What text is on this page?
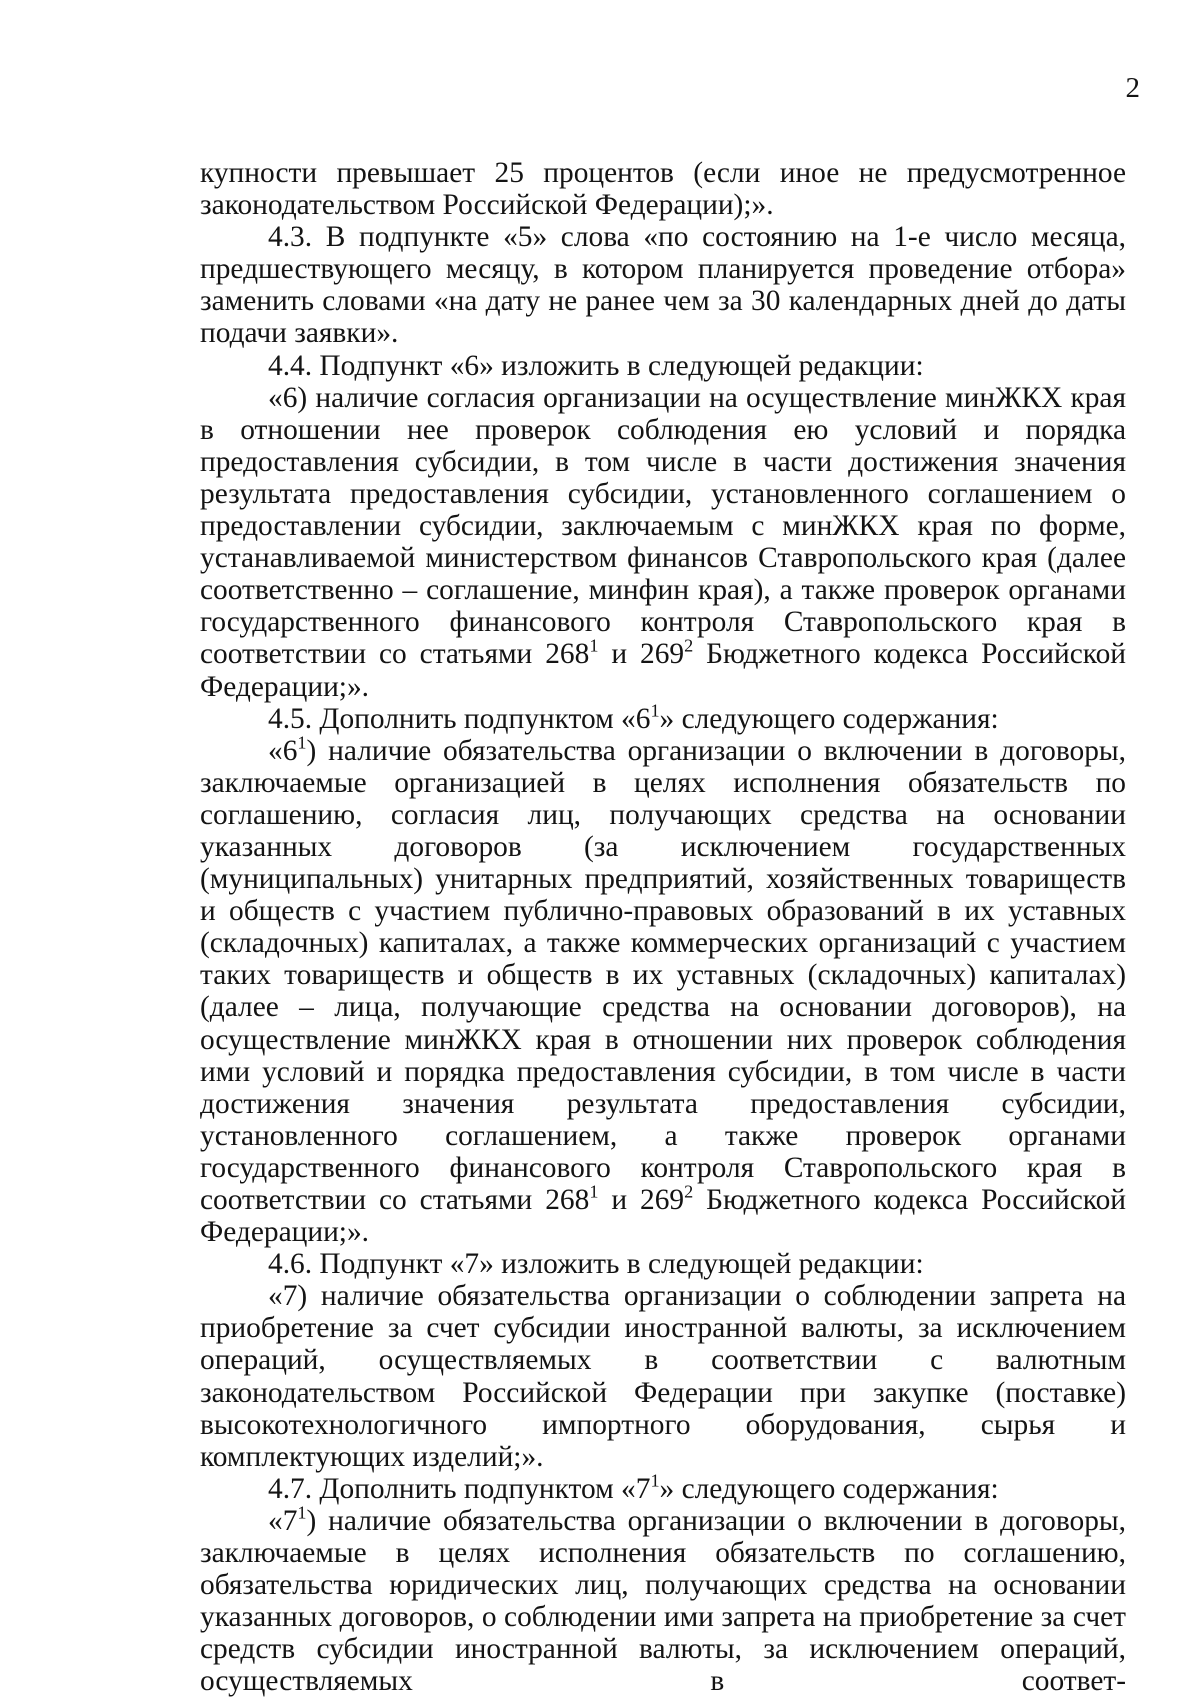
2

купности превышает 25 процентов (если иное не предусмотренное законодательством Российской Федерации);».

4.3. В подпункте «5» слова «по состоянию на 1-е число месяца, предшествующего месяцу, в котором планируется проведение отбора» заменить словами «на дату не ранее чем за 30 календарных дней до даты подачи заявки».

4.4. Подпункт «6» изложить в следующей редакции:

«6) наличие согласия организации на осуществление минЖКХ края в отношении нее проверок соблюдения ею условий и порядка предоставления субсидии, в том числе в части достижения значения результата предоставления субсидии, установленного соглашением о предоставлении субсидии, заключаемым с минЖКХ края по форме, устанавливаемой министерством финансов Ставропольского края (далее соответственно – соглашение, минфин края), а также проверок органами государственного финансового контроля Ставропольского края в соответствии со статьями $268^1$ и $269^2$ Бюджетного кодекса Российской Федерации;».

4.5. Дополнить подпунктом «$6^1$» следующего содержания:

«$6^1$) наличие обязательства организации о включении в договоры, заключаемые организацией в целях исполнения обязательств по соглашению, согласия лиц, получающих средства на основании указанных договоров (за исключением государственных (муниципальных) унитарных предприятий, хозяйственных товариществ и обществ с участием публично-правовых образований в их уставных (складочных) капиталах, а также коммерческих организаций с участием таких товариществ и обществ в их уставных (складочных) капиталах) (далее – лица, получающие средства на основании договоров), на осуществление минЖКХ края в отношении них проверок соблюдения ими условий и порядка предоставления субсидии, в том числе в части достижения значения результата предоставления субсидии, установленного соглашением, а также проверок органами государственного финансового контроля Ставропольского края в соответствии со статьями $268^1$ и $269^2$ Бюджетного кодекса Российской Федерации;».

4.6. Подпункт «7» изложить в следующей редакции:

«7) наличие обязательства организации о соблюдении запрета на приобретение за счет субсидии иностранной валюты, за исключением операций, осуществляемых в соответствии с валютным законодательством Российской Федерации при закупке (поставке) высокотехнологичного импортного оборудования, сырья и комплектующих изделий;».

4.7. Дополнить подпунктом «$7^1$» следующего содержания:

«$7^1$) наличие обязательства организации о включении в договоры, заключаемые в целях исполнения обязательств по соглашению, обязательства юридических лиц, получающих средства на основании указанных договоров, о соблюдении ими запрета на приобретение за счет средств субсидии иностранной валюты, за исключением операций, осуществляемых в соответ-
